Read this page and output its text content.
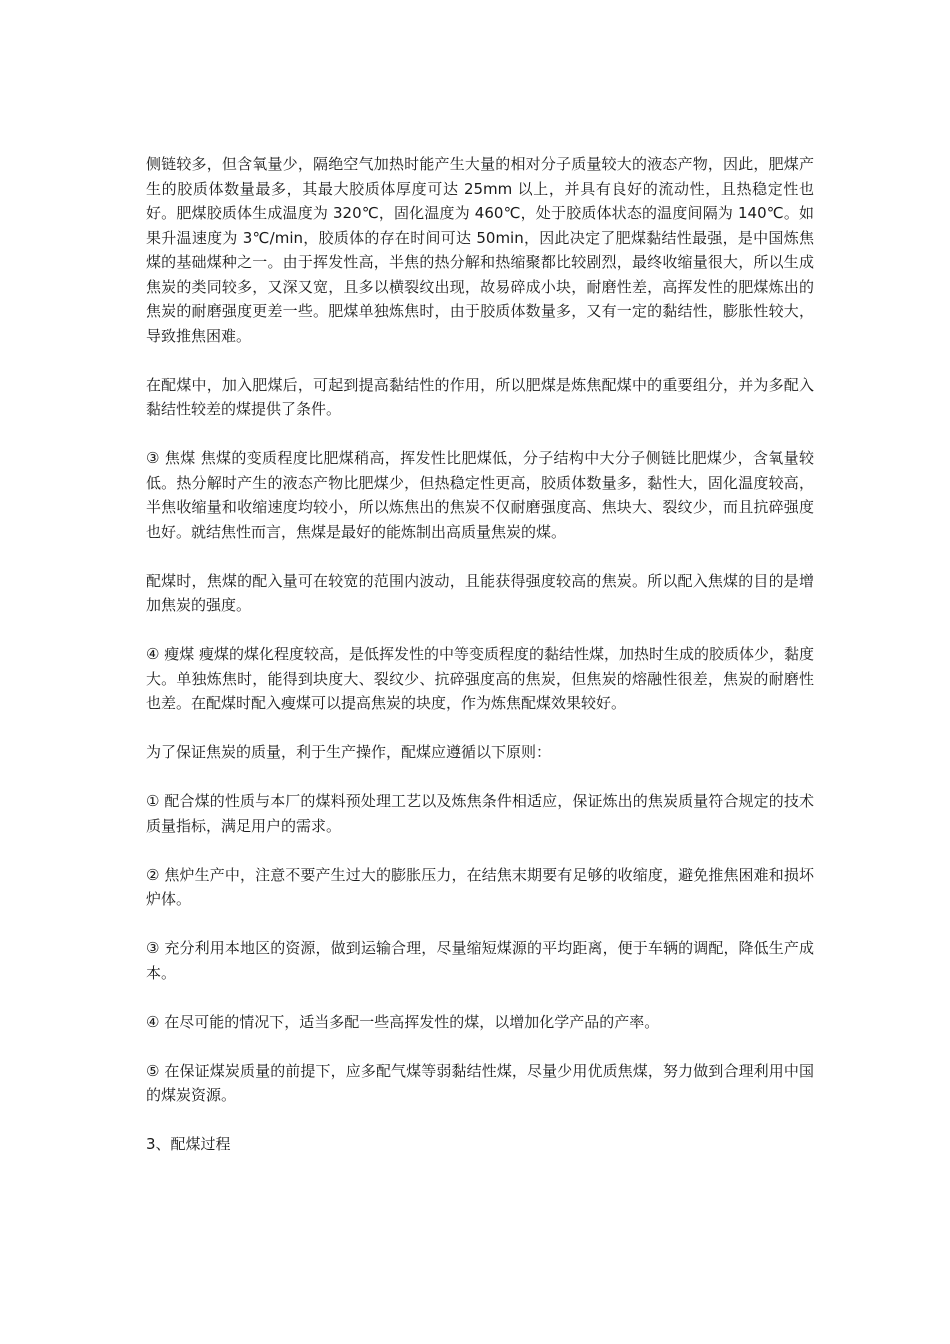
侧链较多，但含氧量少，隔绝空气加热时能产生大量的相对分子质量较大的液态产物，因此，肥煤产生的胶质体数量最多，其最大胶质体厚度可达 25mm 以上，并具有良好的流动性，且热稳定性也好。肥煤胶质体生成温度为 320℃，固化温度为 460℃，处于胶质体状态的温度间隔为 140℃。如果升温速度为 3℃/min，胶质体的存在时间可达 50min，因此决定了肥煤黏结性最强，是中国炼焦煤的基础煤种之一。由于挥发性高，半焦的热分解和热缩聚都比较剧烈，最终收缩量很大，所以生成焦炭的类同较多，又深又宽，且多以横裂纹出现，故易碎成小块，耐磨性差，高挥发性的肥煤炼出的焦炭的耐磨强度更差一些。肥煤单独炼焦时，由于胶质体数量多，又有一定的黏结性，膨胀性较大，导致推焦困难。

在配煤中，加入肥煤后，可起到提高黏结性的作用，所以肥煤是炼焦配煤中的重要组分，并为多配入黏结性较差的煤提供了条件。

③ 焦煤 焦煤的变质程度比肥煤稍高，挥发性比肥煤低，分子结构中大分子侧链比肥煤少，含氧量较低。热分解时产生的液态产物比肥煤少，但热稳定性更高，胶质体数量多，黏性大，固化温度较高，半焦收缩量和收缩速度均较小，所以炼焦出的焦炭不仅耐磨强度高、焦块大、裂纹少，而且抗碎强度也好。就结焦性而言，焦煤是最好的能炼制出高质量焦炭的煤。

配煤时，焦煤的配入量可在较宽的范围内波动，且能获得强度较高的焦炭。所以配入焦煤的目的是增加焦炭的强度。

④ 瘦煤 瘦煤的煤化程度较高，是低挥发性的中等变质程度的黏结性煤，加热时生成的胶质体少，黏度大。单独炼焦时，能得到块度大、裂纹少、抗碎强度高的焦炭，但焦炭的熔融性很差，焦炭的耐磨性也差。在配煤时配入瘦煤可以提高焦炭的块度，作为炼焦配煤效果较好。

为了保证焦炭的质量，利于生产操作，配煤应遵循以下原则：

① 配合煤的性质与本厂的煤料预处理工艺以及炼焦条件相适应，保证炼出的焦炭质量符合规定的技术质量指标，满足用户的需求。

② 焦炉生产中，注意不要产生过大的膨胀压力，在结焦末期要有足够的收缩度，避免推焦困难和损坏炉体。

③ 充分利用本地区的资源，做到运输合理，尽量缩短煤源的平均距离，便于车辆的调配，降低生产成本。

④ 在尽可能的情况下，适当多配一些高挥发性的煤，以增加化学产品的产率。

⑤ 在保证煤炭质量的前提下，应多配气煤等弱黏结性煤，尽量少用优质焦煤，努力做到合理利用中国的煤炭资源。

3、配煤过程
